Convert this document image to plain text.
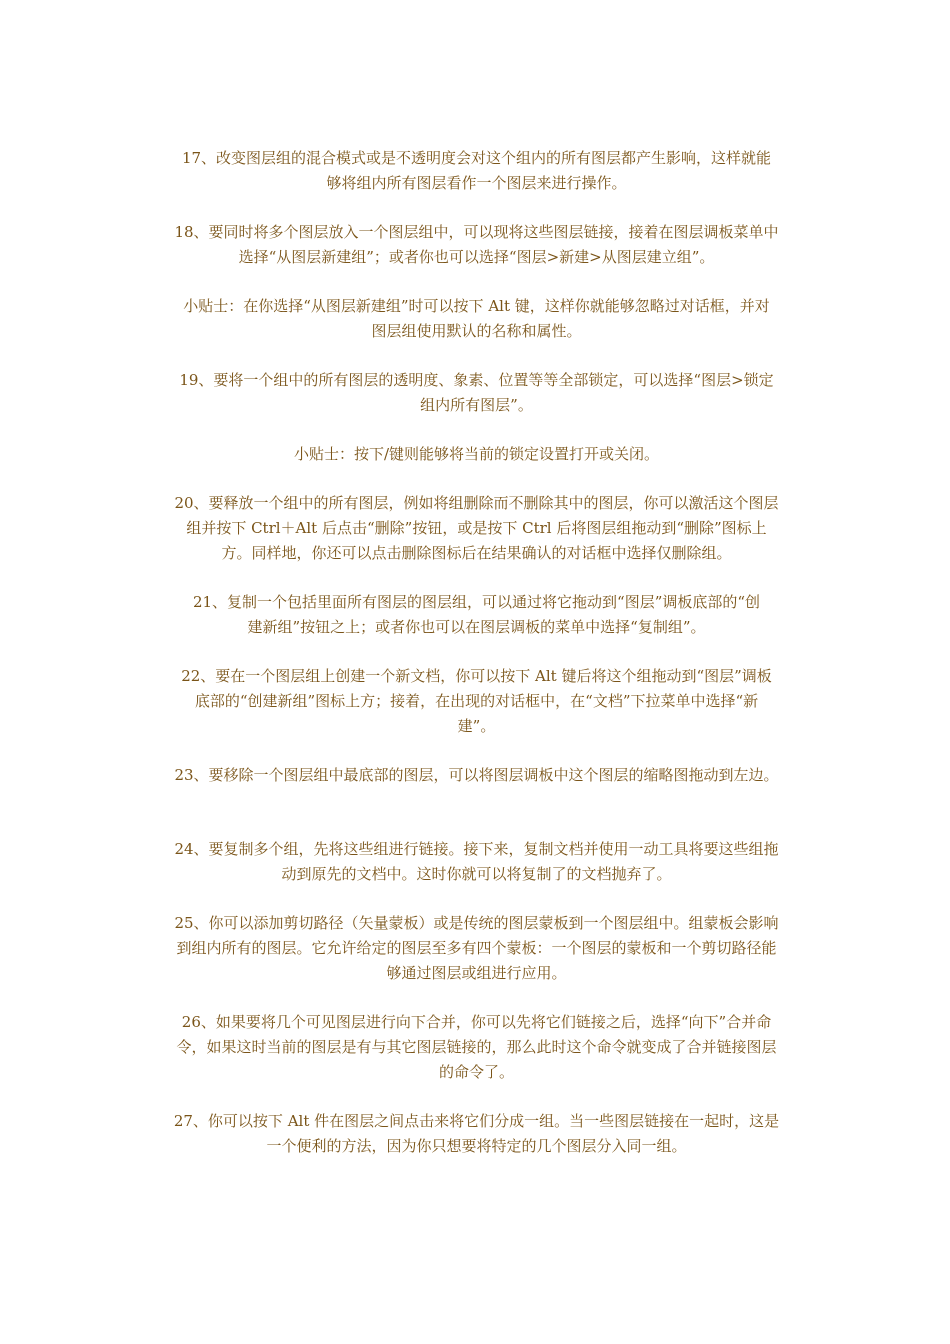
17、改变图层组的混合模式或是不透明度会对这个组内的所有图层都产生影响，这样就能
够将组内所有图层看作一个图层来进行操作。

18、要同时将多个图层放入一个图层组中，可以现将这些图层链接，接着在图层调板菜单中
选择“从图层新建组”；或者你也可以选择“图层>新建>从图层建立组”。

小贴士：在你选择“从图层新建组”时可以按下 Alt 键，这样你就能够忽略过对话框，并对
图层组使用默认的名称和属性。

19、要将一个组中的所有图层的透明度、象素、位置等等全部锁定，可以选择“图层>锁定
组内所有图层”。

小贴士：按下/键则能够将当前的锁定设置打开或关闭。

20、要释放一个组中的所有图层，例如将组删除而不删除其中的图层，你可以激活这个图层
组并按下 Ctrl＋Alt 后点击“删除”按钮，或是按下 Ctrl 后将图层组拖动到“删除”图标上
方。同样地，你还可以点击删除图标后在结果确认的对话框中选择仅删除组。

21、复制一个包括里面所有图层的图层组，可以通过将它拖动到“图层”调板底部的“创
建新组”按钮之上；或者你也可以在图层调板的菜单中选择“复制组”。

22、要在一个图层组上创建一个新文档，你可以按下 Alt 键后将这个组拖动到“图层”调板
底部的“创建新组”图标上方；接着，在出现的对话框中，在“文档”下拉菜单中选择“新
建”。

23、要移除一个图层组中最底部的图层，可以将图层调板中这个图层的缩略图拖动到左边。

24、要复制多个组，先将这些组进行链接。接下来，复制文档并使用一动工具将要这些组拖
动到原先的文档中。这时你就可以将复制了的文档抛弃了。

25、你可以添加剪切路径（矢量蒙板）或是传统的图层蒙板到一个图层组中。组蒙板会影响
到组内所有的图层。它允许给定的图层至多有四个蒙板：一个图层的蒙板和一个剪切路径能
够通过图层或组进行应用。

26、如果要将几个可见图层进行向下合并，你可以先将它们链接之后，选择“向下”合并命
令，如果这时当前的图层是有与其它图层链接的，那么此时这个命令就变成了合并链接图层
的命令了。

27、你可以按下 Alt 件在图层之间点击来将它们分成一组。当一些图层链接在一起时，这是
一个便利的方法，因为你只想要将特定的几个图层分入同一组。
